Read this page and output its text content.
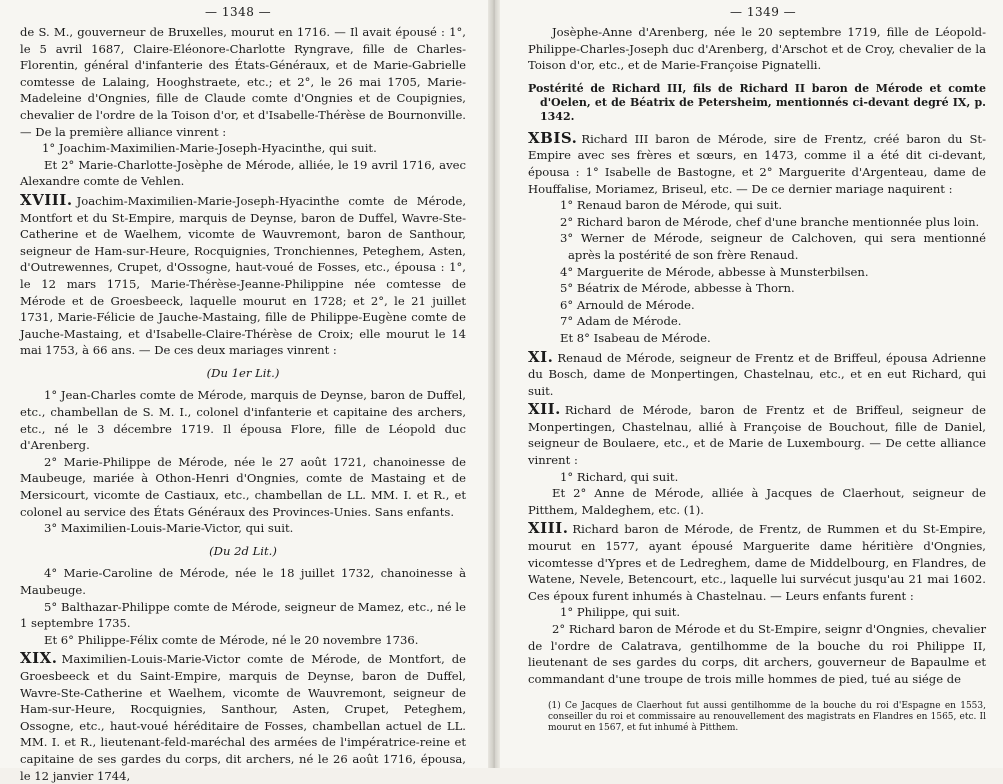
— 1348 —

de S. M., gouverneur de Bruxelles, mourut en 1716. — Il avait épousé : 1°, le 5 avril 1687, Claire-Eléonore-Charlotte Ryngrave, fille de Charles-Florentin, général d'infanterie des États-Généraux, et de Marie-Gabrielle comtesse de Lalaing, Hooghstraete, etc.; et 2°, le 26 mai 1705, Marie-Madeleine d'Ongnies, fille de Claude comte d'Ongnies et de Coupignies, chevalier de l'ordre de la Toison d'or, et d'Isabelle-Thérèse de Bournonville. — De la première alliance vinrent :

1° Joachim-Maximilien-Marie-Joseph-Hyacinthe, qui suit.

Et 2° Marie-Charlotte-Josèphe de Mérode, alliée, le 19 avril 1716, avec Alexandre comte de Vehlen.

XVIII. Joachim-Maximilien-Marie-Joseph-Hyacinthe comte de Mérode, Montfort et du St-Empire, marquis de Deynse, baron de Duffel, Wavre-Ste-Catherine et de Waelhem, vicomte de Wauvremont, baron de Santhour, seigneur de Ham-sur-Heure, Rocquignies, Tronchiennes, Peteghem, Asten, d'Outrewennes, Crupet, d'Ossogne, haut-voué de Fosses, etc., épousa : 1°, le 12 mars 1715, Marie-Thérèse-Jeanne-Philippine née comtesse de Mérode et de Groesbeeck, laquelle mourut en 1728; et 2°, le 21 juillet 1731, Marie-Félicie de Jauche-Mastaing, fille de Philippe-Eugène comte de Jauche-Mastaing, et d'Isabelle-Claire-Thérèse de Croix; elle mourut le 14 mai 1753, à 66 ans. — De ces deux mariages vinrent :

(Du 1er Lit.)

1° Jean-Charles comte de Mérode, marquis de Deynse, baron de Duffel, etc., chambellan de S. M. I., colonel d'infanterie et capitaine des archers, etc., né le 3 décembre 1719. Il épousa Flore, fille de Léopold duc d'Arenberg.

2° Marie-Philippe de Mérode, née le 27 août 1721, chanoinesse de Maubeuge, mariée à Othon-Henri d'Ongnies, comte de Mastaing et de Mersicourt, vicomte de Castiaux, etc., chambellan de LL. MM. I. et R., et colonel au service des États Généraux des Provinces-Unies. Sans enfants.

3° Maximilien-Louis-Marie-Victor, qui suit.

(Du 2d Lit.)

4° Marie-Caroline de Mérode, née le 18 juillet 1732, chanoinesse à Maubeuge.

5° Balthazar-Philippe comte de Mérode, seigneur de Mamez, etc., né le 1 septembre 1735.

Et 6° Philippe-Félix comte de Mérode, né le 20 novembre 1736.

XIX. Maximilien-Louis-Marie-Victor comte de Mérode, de Montfort, de Groesbeeck et du Saint-Empire, marquis de Deynse, baron de Duffel, Wavre-Ste-Catherine et Waelhem, vicomte de Wauvremont, seigneur de Ham-sur-Heure, Rocquignies, Santhour, Asten, Crupet, Peteghem, Ossogne, etc., haut-voué héréditaire de Fosses, chambellan actuel de LL. MM. I. et R., lieutenant-feld-maréchal des armées de l'impératrice-reine et capitaine de ses gardes du corps, dit archers, né le 26 août 1716, épousa, le 12 janvier 1744,

— 1349 —

Josèphe-Anne d'Arenberg, née le 20 septembre 1719, fille de Léopold-Philippe-Charles-Joseph duc d'Arenberg, d'Arschot et de Croy, chevalier de la Toison d'or, etc., et de Marie-Françoise Pignatelli.

Postérité de Richard III, fils de Richard II baron de Mérode et comte d'Oelen, et de Béatrix de Petersheim, mentionnés ci-devant degré IX, p. 1342.

XBIS. Richard III baron de Mérode, sire de Frentz, créé baron du St-Empire avec ses frères et sœurs, en 1473, comme il a été dit ci-devant, épousa : 1° Isabelle de Bastogne, et 2° Marguerite d'Argenteau, dame de Houffalise, Moriamez, Briseul, etc. — De ce dernier mariage naquirent :

1° Renaud baron de Mérode, qui suit.

2° Richard baron de Mérode, chef d'une branche mentionnée plus loin.

3° Werner de Mérode, seigneur de Calchoven, qui sera mentionné après la postérité de son frère Renaud.

4° Marguerite de Mérode, abbesse à Munsterbilsen.

5° Béatrix de Mérode, abbesse à Thorn.

6° Arnould de Mérode.

7° Adam de Mérode.

Et 8° Isabeau de Mérode.

XI. Renaud de Mérode, seigneur de Frentz et de Briffeul, épousa Adrienne du Bosch, dame de Monpertingen, Chastelnau, etc., et en eut Richard, qui suit.

XII. Richard de Mérode, baron de Frentz et de Briffeul, seigneur de Monpertingen, Chastelnau, allié à Françoise de Bouchout, fille de Daniel, seigneur de Boulaere, etc., et de Marie de Luxembourg. — De cette alliance vinrent :

1° Richard, qui suit.

Et 2° Anne de Mérode, alliée à Jacques de Claerhout, seigneur de Pitthem, Maldeghem, etc. (1).

XIII. Richard baron de Mérode, de Frentz, de Rummen et du St-Empire, mourut en 1577, ayant épousé Marguerite dame héritière d'Ongnies, vicomtesse d'Ypres et de Ledreghem, dame de Middelbourg, en Flandres, de Watene, Nevele, Betencourt, etc., laquelle lui survécut jusqu'au 21 mai 1602. Ces époux furent inhumés à Chastelnau. — Leurs enfants furent :

1° Philippe, qui suit.

2° Richard baron de Mérode et du St-Empire, seignr d'Ongnies, chevalier de l'ordre de Calatrava, gentilhomme de la bouche du roi Philippe II, lieutenant de ses gardes du corps, dit archers, gouverneur de Bapaulme et commandant d'une troupe de trois mille hommes de pied, tué au siége de

(1) Ce Jacques de Claerhout fut aussi gentilhomme de la bouche du roi d'Espagne en 1553, conseiller du roi et commissaire au renouvellement des magistrats en Flandres en 1565, etc. Il mourut en 1567, et fut inhumé à Pitthem.
